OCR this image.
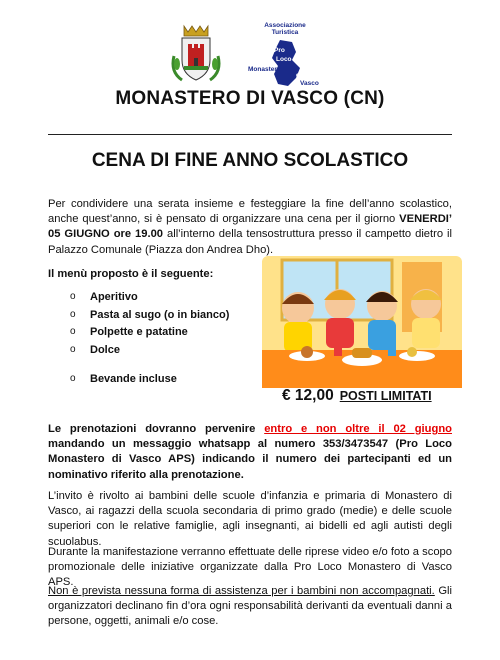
Associazione
Turistica
Pro
Loco
Monastero
di
Vasco
MONASTERO DI VASCO (CN)
CENA DI FINE ANNO SCOLASTICO
Per condividere una serata insieme e festeggiare la fine dell’anno scolastico, anche quest’anno, si è pensato di organizzare una cena per il giorno VENERDI’ 05 GIUGNO ore 19.00 all’interno della tensostruttura presso il campetto dietro il Palazzo Comunale (Piazza don Andrea Dho).
Il menù proposto è il seguente:
o Aperitivo
o Pasta al sugo (o in bianco)
o Polpette e patatine
o Dolce
o Bevande incluse
€ 12,00 POSTI LIMITATI
Le prenotazioni dovranno pervenire entro e non oltre il 02 giugno mandando un messaggio whatsapp al numero 353/3473547 (Pro Loco Monastero di Vasco APS) indicando il numero dei partecipanti ed un nominativo riferito alla prenotazione.
L’invito è rivolto ai bambini delle scuole d’infanzia e primaria di Monastero di Vasco, ai ragazzi della scuola secondaria di primo grado (medie) e delle scuole superiori con le relative famiglie, agli insegnanti, ai bidelli ed agli autisti degli scuolabus.
Durante la manifestazione verranno effettuate delle riprese video e/o foto a scopo promozionale delle iniziative organizzate dalla Pro Loco Monastero di Vasco APS.
Non è prevista nessuna forma di assistenza per i bambini non accompagnati. Gli organizzatori declinano fin d’ora ogni responsabilità derivanti da eventuali danni a persone, oggetti, animali e/o cose.
